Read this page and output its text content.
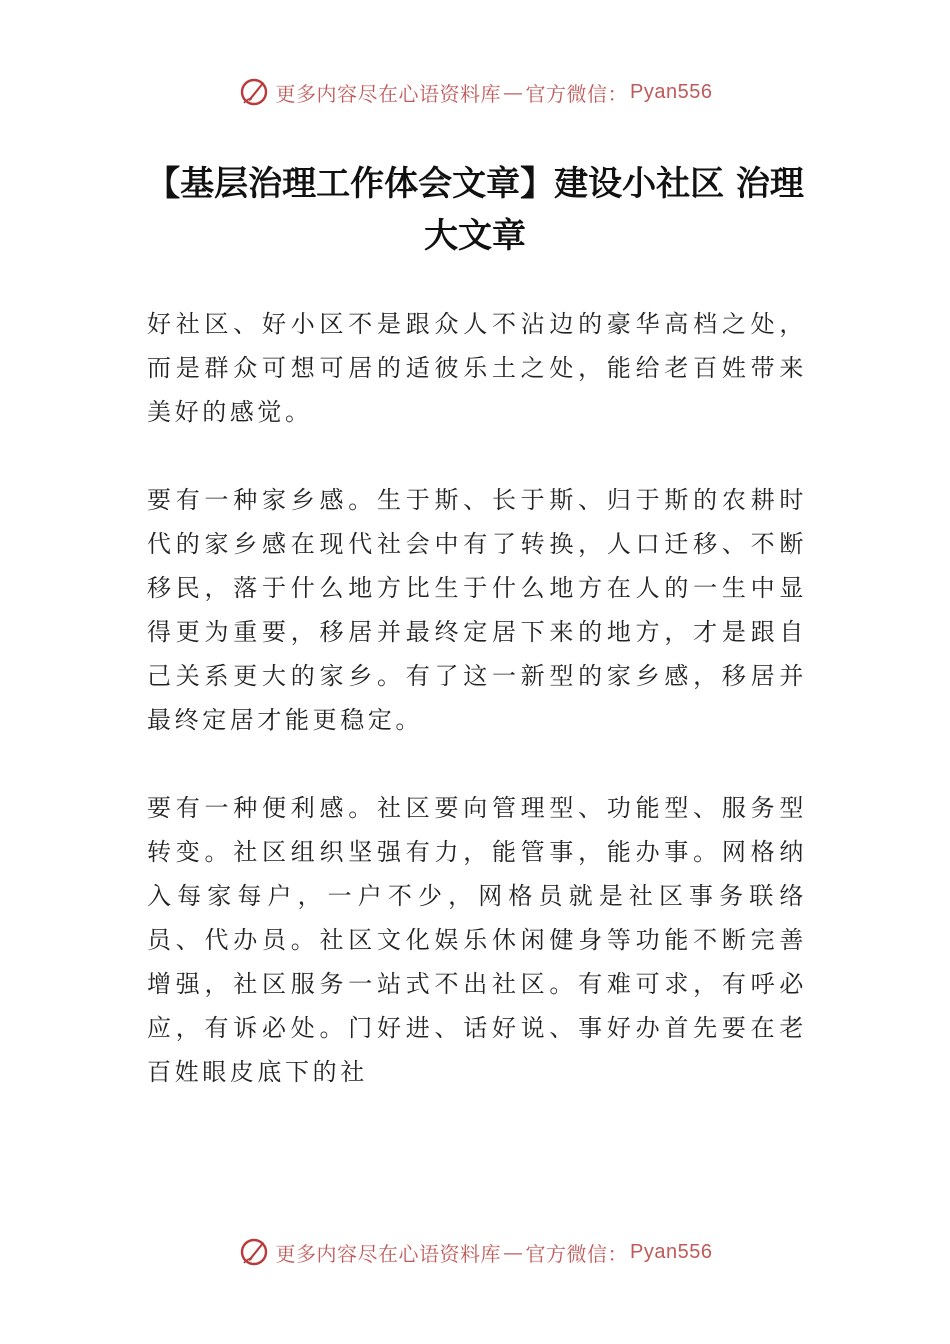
更多内容尽在心语资料库 — 官方微信： Pyan556
【基层治理工作体会文章】建设小社区 治理大文章

好社区、好小区不是跟众人不沾边的豪华高档之处，而是群众可想可居的适彼乐土之处，能给老百姓带来美好的感觉。

要有一种家乡感。生于斯、长于斯、归于斯的农耕时代的家乡感在现代社会中有了转换，人口迁移、不断移民，落于什么地方比生于什么地方在人的一生中显得更为重要，移居并最终定居下来的地方，才是跟自己关系更大的家乡。有了这一新型的家乡感，移居并最终定居才能更稳定。

要有一种便利感。社区要向管理型、功能型、服务型转变。社区组织坚强有力，能管事，能办事。网格纳入每家每户，一户不少，网格员就是社区事务联络员、代办员。社区文化娱乐休闲健身等功能不断完善增强，社区服务一站式不出社区。有难可求，有呼必应，有诉必处。门好进、话好说、事好办首先要在老百姓眼皮底下的社

更多内容尽在心语资料库 — 官方微信： Pyan556
